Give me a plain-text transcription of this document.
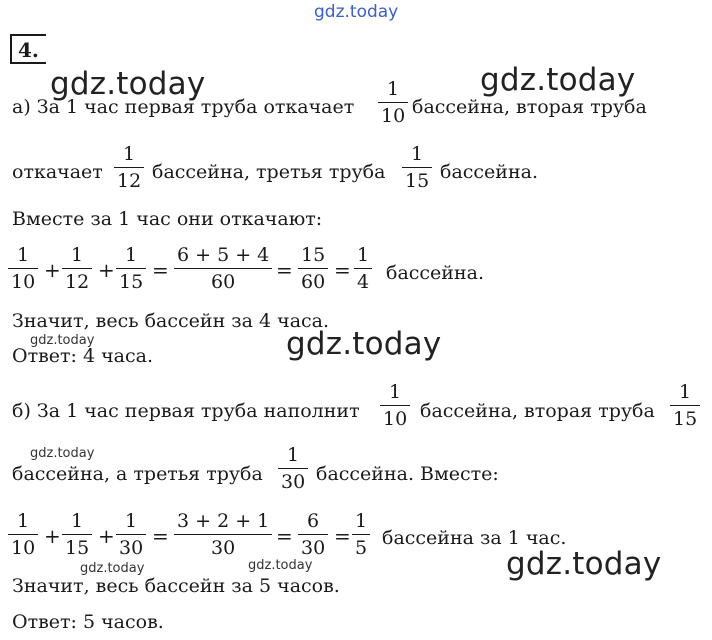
gdz.today
gdz.today	gdz.today
gdz.today
gdz.today
gdz.today
gdz.today
gdz.today	gdz.today
4.
а) За 1 час первая труба откачает
1
10 бассейна, вторая труба
откачает
1
12 бассейна, третья труба
1
15 бассейна.
Вместе за 1 час они откачают:
1
10 +
1
12 +
1
15 =
6 + 5 + 4
60 =
15
60 =
1
4 бассейна.
Значит, весь бассейн за 4 часа.
Ответ: 4 часа.
б) За 1 час первая труба наполнит
1
10 бассейна, вторая труба
1
15
бассейна, а третья труба
1
30 бассейна. Вместе:
1
10 +
1
15 +
1
30 =
3 + 2 + 1
30 =
6
30 =
1
5 бассейна за 1 час.
Значит, весь бассейн за 5 часов.
Ответ: 5 часов.
